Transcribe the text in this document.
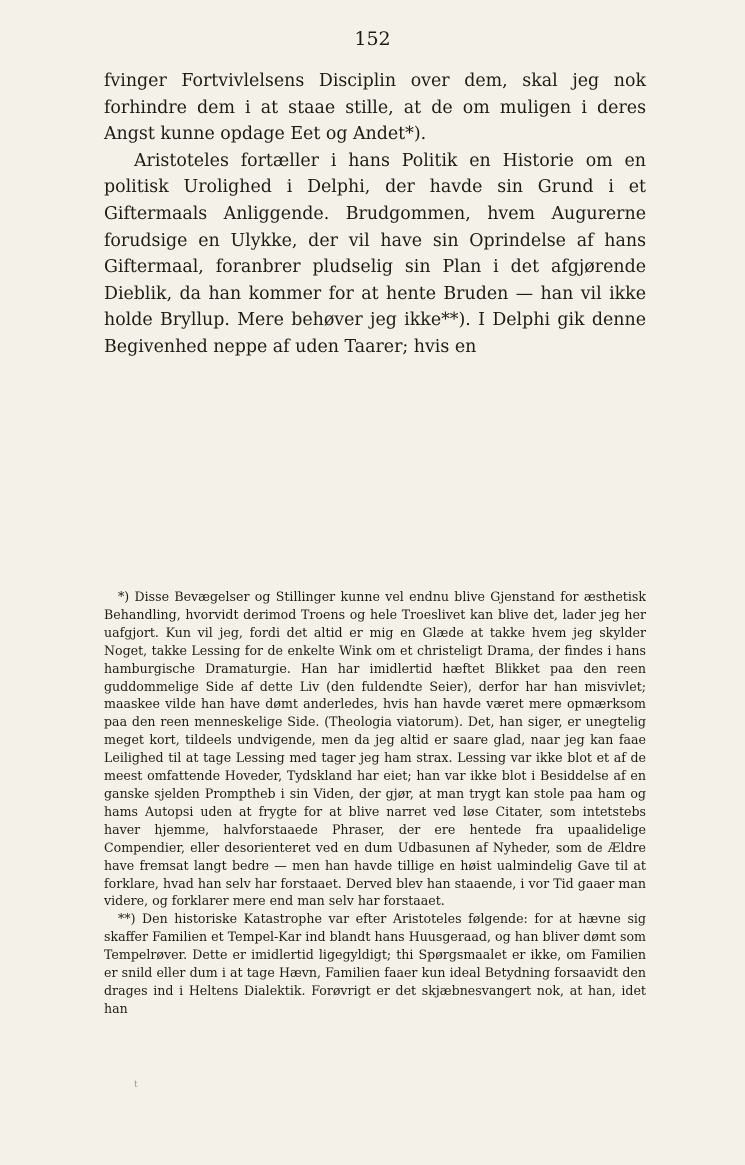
152

fvinger Fortvivlelsens Disciplin over dem, skal jeg nok forhindre dem i at staae stille, at de om muligen i deres Angst kunne opdage Eet og Andet*).

Aristoteles fortæller i hans Politik en Historie om en politisk Urolighed i Delphi, der havde sin Grund i et Giftermaals Anliggende. Brudgommen, hvem Augurerne forudsige en Ulykke, der vil have sin Oprindelse af hans Giftermaal, foranbrer pludselig sin Plan i det afgjørende Dieblik, da han kommer for at hente Bruden — han vil ikke holde Bryllup. Mere behøver jeg ikke**). I Delphi gik denne Begivenhed neppe af uden Taarer; hvis en

*) Disse Bevægelser og Stillinger kunne vel endnu blive Gjenstand for æsthetisk Behandling, hvorvidt derimod Troens og hele Troeslivet kan blive det, lader jeg her uafgjort. Kun vil jeg, fordi det altid er mig en Glæde at takke hvem jeg skylder Noget, takke Lessing for de enkelte Wink om et christeligt Drama, der findes i hans hamburgische Dramaturgie. Han har imidlertid hæftet Blikket paa den reen guddommelige Side af dette Liv (den fuldendte Seier), derfor har han misvivlet; maaskee vilde han have dømt anderledes, hvis han havde været mere opmærksom paa den reen menneskelige Side. (Theologia viatorum). Det, han siger, er unegtelig meget kort, tildeels undvigende, men da jeg altid er saare glad, naar jeg kan faae Leilighed til at tage Lessing med tager jeg ham strax. Lessing var ikke blot et af de meest omfattende Hoveder, Tydskland har eiet; han var ikke blot i Besiddelse af en ganske sjelden Promptheb i sin Viden, der gjør, at man trygt kan stole paa ham og hams Autopsi uden at frygte for at blive narret ved løse Citater, som intetstebs haver hjemme, halvforstaaede Phraser, der ere hentede fra upaalidelige Compendier, eller desorienteret ved en dum Udbasunen af Nyheder, som de Ældre have fremsat langt bedre — men han havde tillige en høist ualmindelig Gave til at forklare, hvad han selv har forstaaet. Derved blev han staaende, i vor Tid gaaer man videre, og forklarer mere end man selv har forstaaet.

**) Den historiske Katastrophe var efter Aristoteles følgende: for at hævne sig skaffer Familien et Tempel-Kar ind blandt hans Huusgeraad, og han bliver dømt som Tempelrøver. Dette er imidlertid ligegyldigt; thi Spørgsmaalet er ikke, om Familien er snild eller dum i at tage Hævn, Familien faaer kun ideal Betydning forsaavidt den drages ind i Heltens Dialektik. Forøvrigt er det skjæbnesvangert nok, at han, idet han

t
